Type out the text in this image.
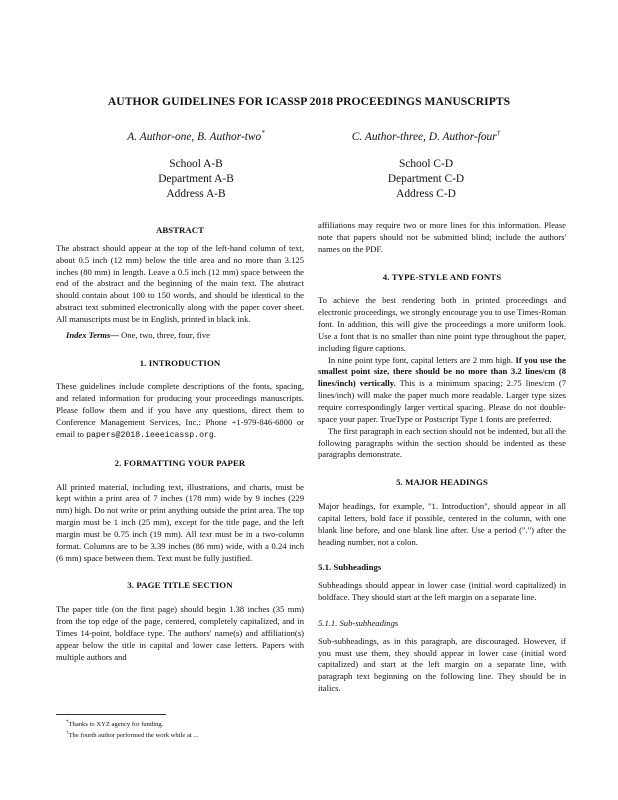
AUTHOR GUIDELINES FOR ICASSP 2018 PROCEEDINGS MANUSCRIPTS
A. Author-one, B. Author-two*
School A-B
Department A-B
Address A-B
C. Author-three, D. Author-four†
School C-D
Department C-D
Address C-D

ABSTRACT

The abstract should appear at the top of the left-hand column of text, about 0.5 inch (12 mm) below the title area and no more than 3.125 inches (80 mm) in length. Leave a 0.5 inch (12 mm) space between the end of the abstract and the beginning of the main text. The abstract should contain about 100 to 150 words, and should be identical to the abstract text submitted electronically along with the paper cover sheet. All manuscripts must be in English, printed in black ink.

Index Terms— One, two, three, four, five

1. INTRODUCTION

These guidelines include complete descriptions of the fonts, spacing, and related information for producing your proceedings manuscripts. Please follow them and if you have any questions, direct them to Conference Management Services, Inc.: Phone +1-979-846-6800 or email to papers@2018.ieeeicassp.org.

2. FORMATTING YOUR PAPER

All printed material, including text, illustrations, and charts, must be kept within a print area of 7 inches (178 mm) wide by 9 inches (229 mm) high. Do not write or print anything outside the print area. The top margin must be 1 inch (25 mm), except for the title page, and the left margin must be 0.75 inch (19 mm). All text must be in a two-column format. Columns are to be 3.39 inches (86 mm) wide, with a 0.24 inch (6 mm) space between them. Text must be fully justified.

3. PAGE TITLE SECTION

The paper title (on the first page) should begin 1.38 inches (35 mm) from the top edge of the page, centered, completely capitalized, and in Times 14-point, boldface type. The authors' name(s) and affiliation(s) appear below the title in capital and lower case letters. Papers with multiple authors and

*Thanks to XYZ agency for funding.

†The fourth author performed the work while at ...

affiliations may require two or more lines for this information. Please note that papers should not be submitted blind; include the authors' names on the PDF.

4. TYPE-STYLE AND FONTS

To achieve the best rendering both in printed proceedings and electronic proceedings, we strongly encourage you to use Times-Roman font. In addition, this will give the proceedings a more uniform look. Use a font that is no smaller than nine point type throughout the paper, including figure captions.

In nine point type font, capital letters are 2 mm high. If you use the smallest point size, there should be no more than 3.2 lines/cm (8 lines/inch) vertically. This is a minimum spacing; 2.75 lines/cm (7 lines/inch) will make the paper much more readable. Larger type sizes require correspondingly larger vertical spacing. Please do not double-space your paper. TrueType or Postscript Type 1 fonts are preferred.

The first paragraph in each section should not be indented, but all the following paragraphs within the section should be indented as these paragraphs demonstrate.

5. MAJOR HEADINGS

Major headings, for example, "1. Introduction", should appear in all capital letters, bold face if possible, centered in the column, with one blank line before, and one blank line after. Use a period (".") after the heading number, not a colon.

5.1. Subheadings

Subheadings should appear in lower case (initial word capitalized) in boldface. They should start at the left margin on a separate line.

5.1.1. Sub-subheadings

Sub-subheadings, as in this paragraph, are discouraged. However, if you must use them, they should appear in lower case (initial word capitalized) and start at the left margin on a separate line, with paragraph text beginning on the following line. They should be in italics.
